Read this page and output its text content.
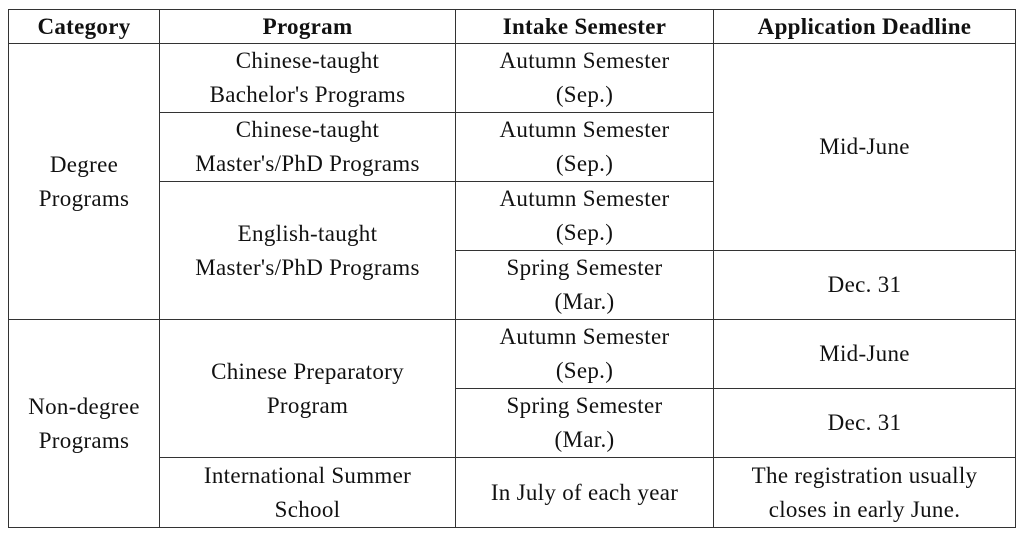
Category	Program	Intake Semester	Application Deadline
Degree Programs	Chinese-taught Bachelor's Programs	Autumn Semester (Sep.)	Mid-June
	Chinese-taught Master's/PhD Programs	Autumn Semester (Sep.)	
	English-taught Master's/PhD Programs	Autumn Semester (Sep.)	
		Spring Semester (Mar.)	Dec. 31
Non-degree Programs	Chinese Preparatory Program	Autumn Semester (Sep.)	Mid-June
		Spring Semester (Mar.)	Dec. 31
	International Summer School	In July of each year	The registration usually closes in early June.
